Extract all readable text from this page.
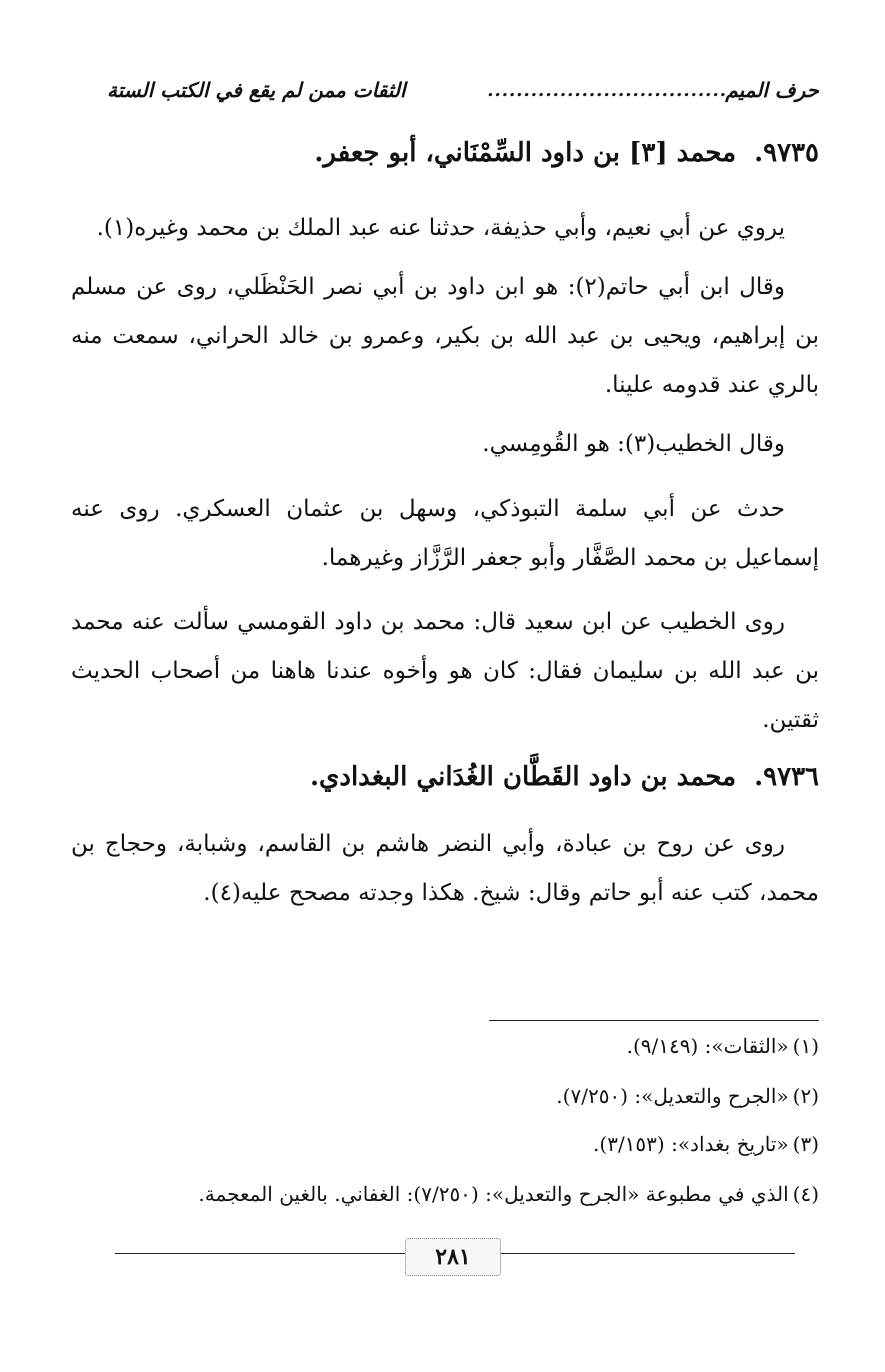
حرف الميم
.................................
الثقات ممن لم يقع في الكتب الستة
٩٧٣٥.محمد [٣] بن داود السِّمْنَاني، أبو جعفر.

يروي عن أبي نعيم، وأبي حذيفة، حدثنا عنه عبد الملك بن محمد وغيره(١).

وقال ابن أبي حاتم(٢): هو ابن داود بن أبي نصر الحَنْظَلي، روى عن مسلم بن إبراهيم، ويحيى بن عبد الله بن بكير، وعمرو بن خالد الحراني، سمعت منه بالري عند قدومه علينا.

وقال الخطيب(٣): هو القُومِسي.

حدث عن أبي سلمة التبوذكي، وسهل بن عثمان العسكري. روى عنه إسماعيل بن محمد الصَّفَّار وأبو جعفر الرَّزَّاز وغيرهما.

روى الخطيب عن ابن سعيد قال: محمد بن داود القومسي سألت عنه محمد بن عبد الله بن سليمان فقال: كان هو وأخوه عندنا هاهنا من أصحاب الحديث ثقتين.

٩٧٣٦.محمد بن داود القَطَّان الغُدَاني البغدادي.

روى عن روح بن عبادة، وأبي النضر هاشم بن القاسم، وشبابة، وحجاج بن محمد، كتب عنه أبو حاتم وقال: شيخ. هكذا وجدته مصحح عليه(٤).

(١)«الثقات»: (٩/١٤٩).
(٢)«الجرح والتعديل»: (٧/٢٥٠).
(٣)«تاريخ بغداد»: (٣/١٥٣).
(٤)الذي في مطبوعة «الجرح والتعديل»: (٧/٢٥٠): الغفاني. بالغين المعجمة.
٢٨١
